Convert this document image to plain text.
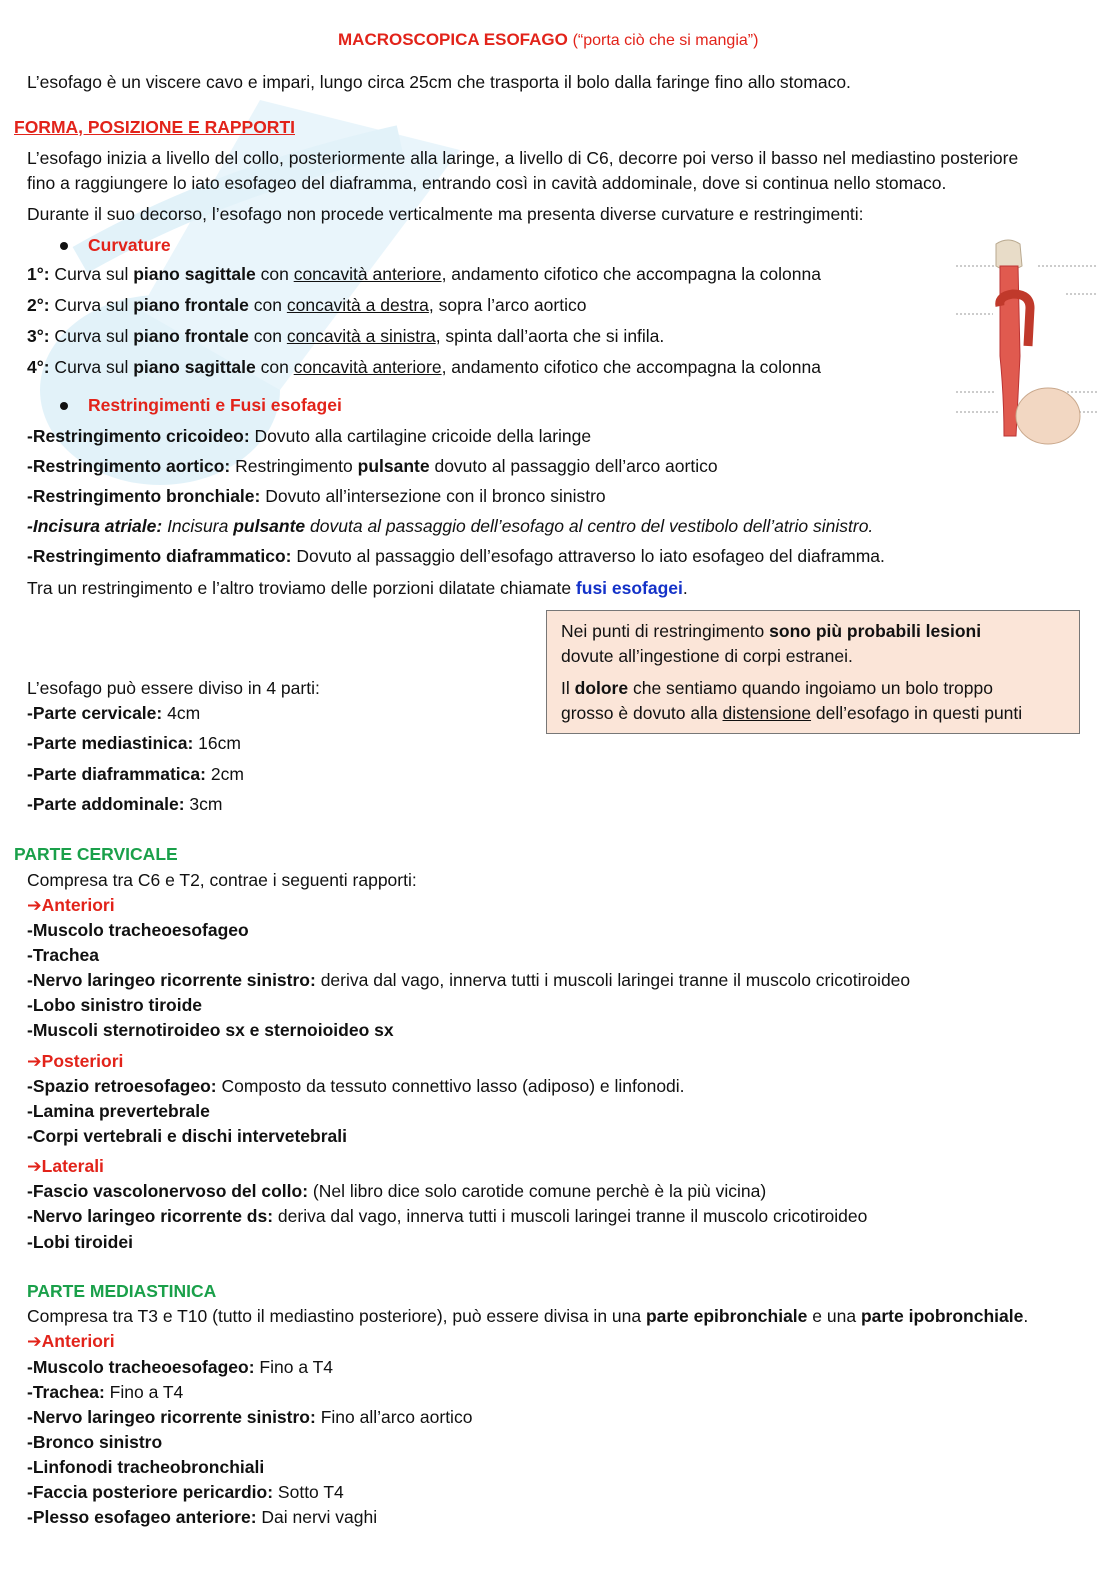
MACROSCOPICA ESOFAGO (“porta ciò che si mangia”)
L’esofago è un viscere cavo e impari, lungo circa 25cm che trasporta il bolo dalla faringe fino allo stomaco.
FORMA, POSIZIONE E RAPPORTI
L’esofago inizia a livello del collo, posteriormente alla laringe, a livello di C6, decorre poi verso il basso nel mediastino posteriore
fino a raggiungere lo iato esofageo del diaframma, entrando così in cavità addominale, dove si continua nello stomaco.
Durante il suo decorso, l’esofago non procede verticalmente ma presenta diverse curvature e restringimenti:
Curvature
1°: Curva sul piano sagittale con concavità anteriore, andamento cifotico che accompagna la colonna
2°: Curva sul piano frontale con concavità a destra, sopra l’arco aortico
3°: Curva sul piano frontale con concavità a sinistra, spinta dall’aorta che si infila.
4°: Curva sul piano sagittale con concavità anteriore, andamento cifotico che accompagna la colonna
Restringimenti e Fusi esofagei
-Restringimento cricoideo: Dovuto alla cartilagine cricoide della laringe
-Restringimento aortico: Restringimento pulsante dovuto al passaggio dell’arco aortico
-Restringimento bronchiale: Dovuto all’intersezione con il bronco sinistro
-Incisura atriale: Incisura pulsante dovuta al passaggio dell’esofago al centro del vestibolo dell’atrio sinistro.
-Restringimento diaframmatico: Dovuto al passaggio dell’esofago attraverso lo iato esofageo del diaframma.
Tra un restringimento e l’altro troviamo delle porzioni dilatate chiamate fusi esofagei.

Nei punti di restringimento sono più probabili lesioni
dovute all’ingestione di corpi estranei.

Il dolore che sentiamo quando ingoiamo un bolo troppo
grosso è dovuto alla distensione dell’esofago in questi punti

L’esofago può essere diviso in 4 parti:
-Parte cervicale: 4cm
-Parte mediastinica: 16cm
-Parte diaframmatica: 2cm
-Parte addominale: 3cm
PARTE CERVICALE
Compresa tra C6 e T2, contrae i seguenti rapporti:
➔Anteriori
-Muscolo tracheoesofageo
-Trachea
-Nervo laringeo ricorrente sinistro: deriva dal vago, innerva tutti i muscoli laringei tranne il muscolo cricotiroideo
-Lobo sinistro tiroide
-Muscoli sternotiroideo sx e sternoioideo sx
➔Posteriori
-Spazio retroesofageo: Composto da tessuto connettivo lasso (adiposo) e linfonodi.
-Lamina prevertebrale
-Corpi vertebrali e dischi intervetebrali
➔Laterali
-Fascio vascolonervoso del collo: (Nel libro dice solo carotide comune perchè è la più vicina)
-Nervo laringeo ricorrente ds: deriva dal vago, innerva tutti i muscoli laringei tranne il muscolo cricotiroideo
-Lobi tiroidei
PARTE MEDIASTINICA
Compresa tra T3 e T10 (tutto il mediastino posteriore), può essere divisa in una parte epibronchiale e una parte ipobronchiale.
➔Anteriori
-Muscolo tracheoesofageo: Fino a T4
-Trachea: Fino a T4
-Nervo laringeo ricorrente sinistro: Fino all’arco aortico
-Bronco sinistro
-Linfonodi tracheobronchiali
-Faccia posteriore pericardio: Sotto T4
-Plesso esofageo anteriore: Dai nervi vaghi
